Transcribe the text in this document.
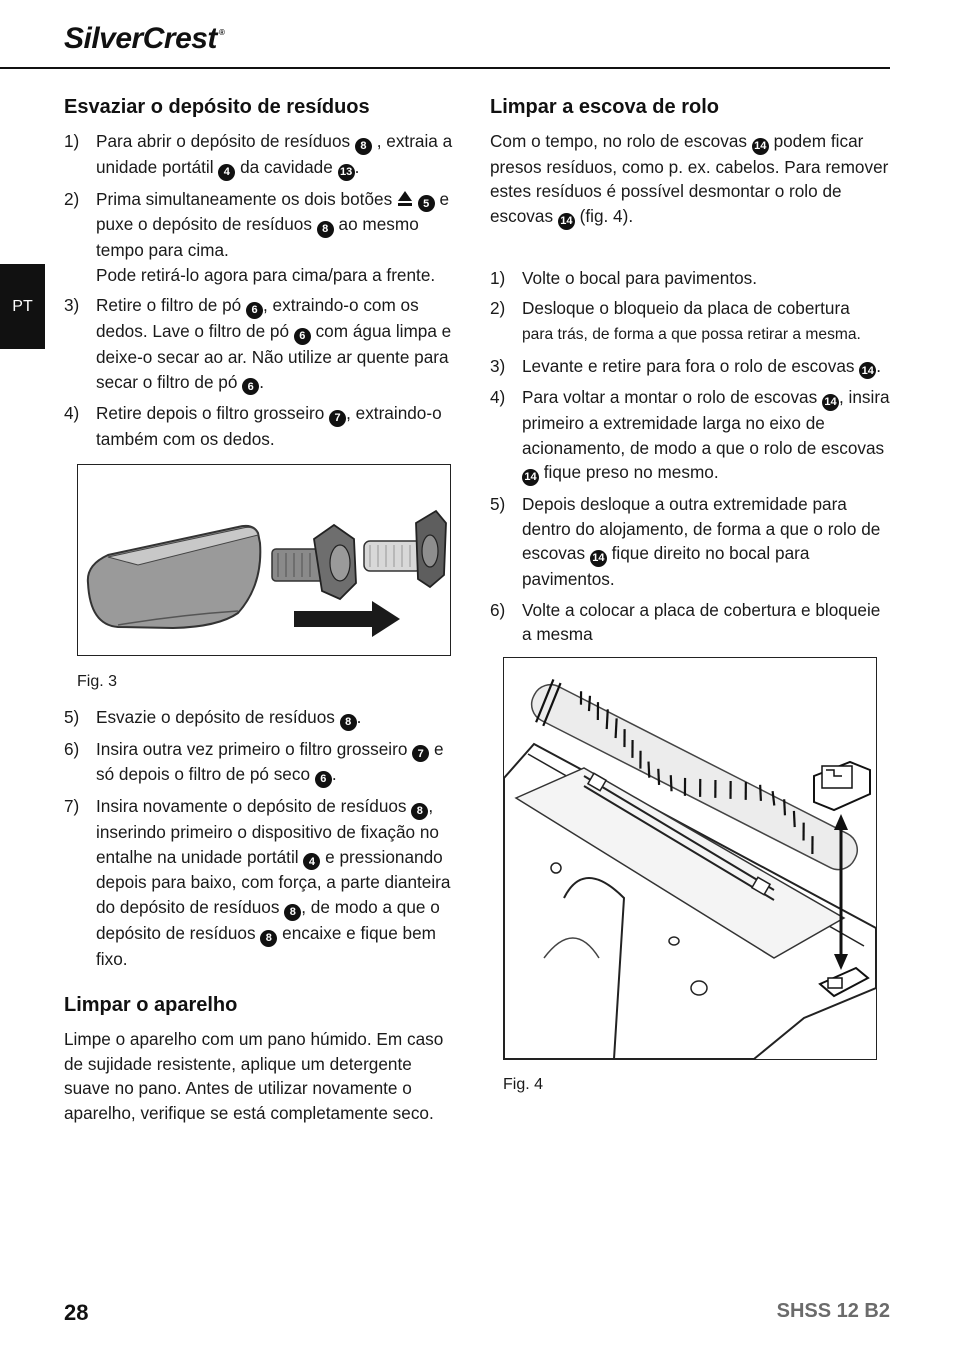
SilverCrest ®
PT
Esvaziar o depósito de resíduos
1) Para abrir o depósito de resíduos 8 , extraia a unidade portátil 4 da cavidade 13 .
2) Prima simultaneamente os dois botões	5 e puxe o depósito de resíduos 8 ao mesmo tempo para cima.
Pode retirá-lo agora para cima/para a frente.
3) Retire o filtro de pó 6 , extraindo-o com os dedos. Lave o filtro de pó 6 com água limpa e deixe-o secar ao ar. Não utilize ar quente para secar o filtro de pó 6 .
4) Retire depois o filtro grosseiro 7 , extraindo-o também com os dedos.
Fig. 3
5) Esvazie o depósito de resíduos 8 .
6) Insira outra vez primeiro o filtro grosseiro 7 e só depois o filtro de pó seco 6 .
7) Insira novamente o depósito de resíduos 8 , inserindo primeiro o dispositivo de fixação no entalhe na unidade portátil 4 e pressionando depois para baixo, com força, a parte dianteira do depósito de resíduos 8 , de modo a que o depósito de resíduos 8 encaixe e fique bem fixo.
Limpar o aparelho

Limpe o aparelho com um pano húmido. Em caso de sujidade resistente, aplique um detergente suave no pano. Antes de utilizar novamente o aparelho, verifique se está completamente seco.

Limpar a escova de rolo

Com o tempo, no rolo de escovas 14 podem ficar presos resíduos, como p. ex. cabelos. Para remover estes resíduos é possível desmontar o rolo de escovas 14 (fig. 4).

1) Volte o bocal para pavimentos.
2) Desloque o bloqueio da placa de cobertura
para trás, de forma a que possa retirar a mesma.
3) Levante e retire para fora o rolo de escovas 14 .
4) Para voltar a montar o rolo de escovas 14 , insira primeiro a extremidade larga no eixo de acionamento, de modo a que o rolo de escovas 14 fique preso no mesmo.
5) Depois desloque a outra extremidade para dentro do alojamento, de forma a que o rolo de escovas 14 fique direito no bocal para pavimentos.
6) Volte a colocar a placa de cobertura e bloqueie a mesma
Fig. 4
28	SHSS 12 B2
